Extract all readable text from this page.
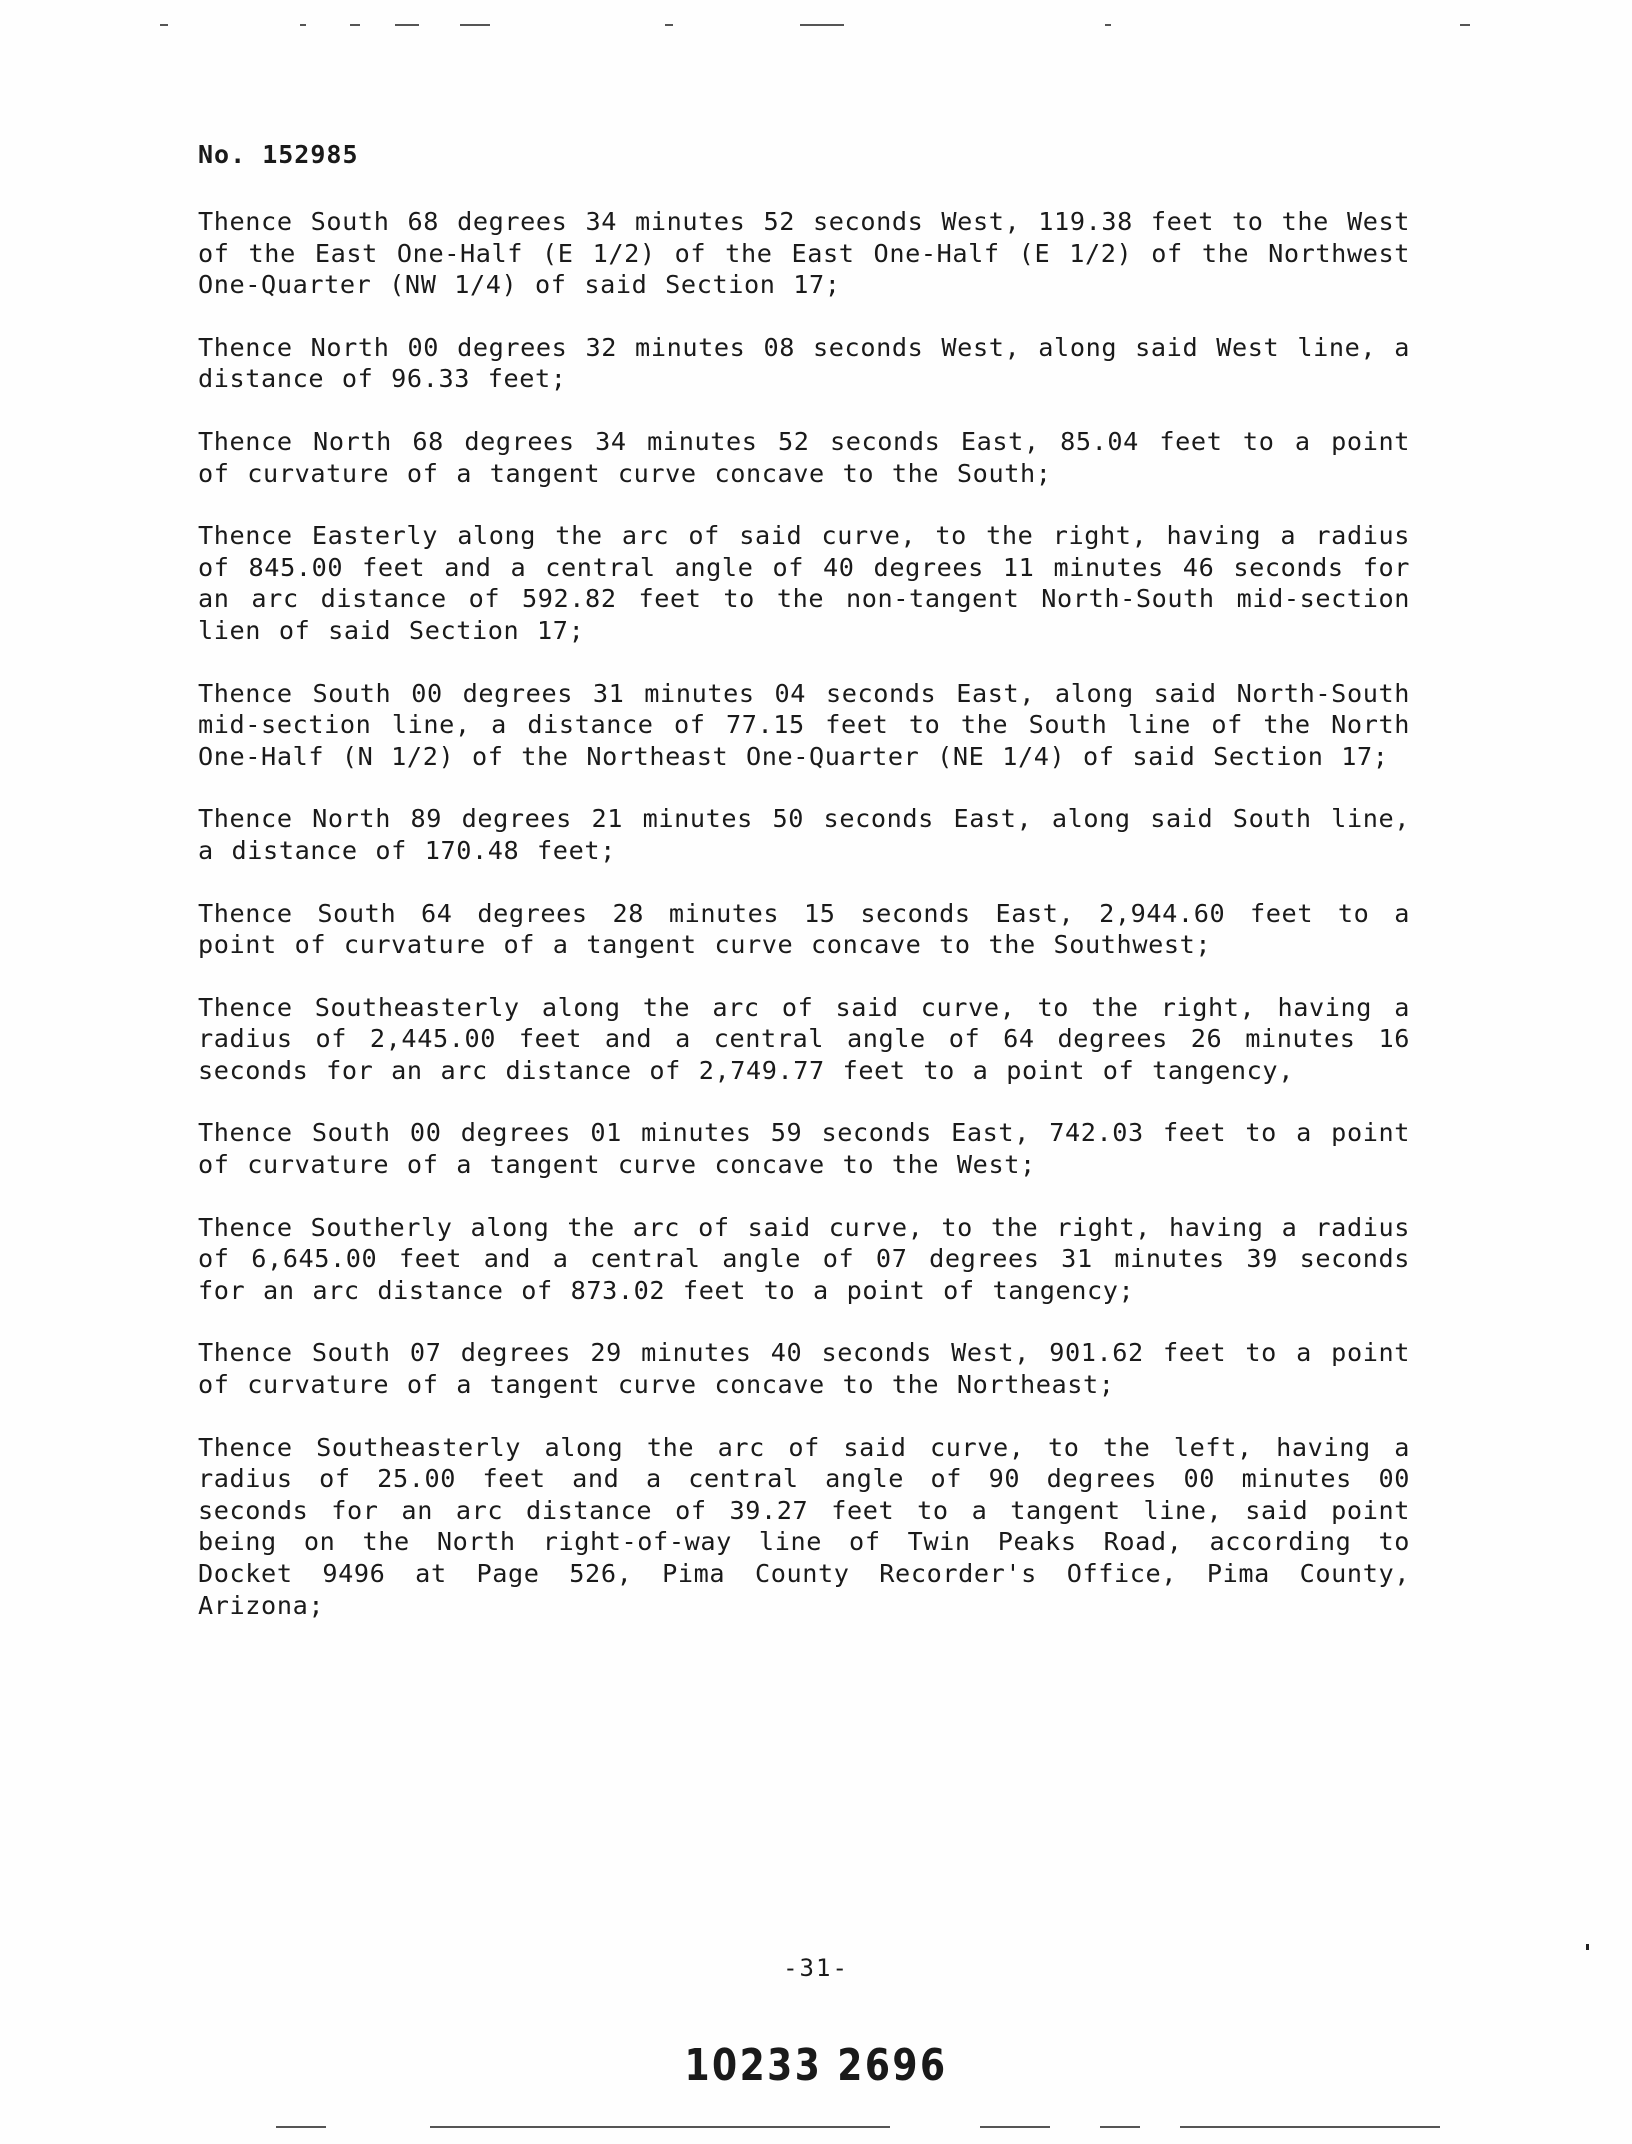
No. 152985

Thence South 68 degrees 34 minutes 52 seconds West, 119.38 feet to the West of the East One-Half (E 1/2) of the East One-Half (E 1/2) of the Northwest One-Quarter (NW 1/4) of said Section 17;

Thence North 00 degrees 32 minutes 08 seconds West, along said West line, a distance of 96.33 feet;

Thence North 68 degrees 34 minutes 52 seconds East, 85.04 feet to a point of curvature of a tangent curve concave to the South;

Thence Easterly along the arc of said curve, to the right, having a radius of 845.00 feet and a central angle of 40 degrees 11 minutes 46 seconds for an arc distance of 592.82 feet to the non-tangent North-South mid-section lien of said Section 17;

Thence South 00 degrees 31 minutes 04 seconds East, along said North-South mid-section line, a distance of 77.15 feet to the South line of the North One-Half (N 1/2) of the Northeast One-Quarter (NE 1/4) of said Section 17;

Thence North 89 degrees 21 minutes 50 seconds East, along said South line, a distance of 170.48 feet;

Thence South 64 degrees 28 minutes 15 seconds East, 2,944.60 feet to a point of curvature of a tangent curve concave to the Southwest;

Thence Southeasterly along the arc of said curve, to the right, having a radius of 2,445.00 feet and a central angle of 64 degrees 26 minutes 16 seconds for an arc distance of 2,749.77 feet to a point of tangency,

Thence South 00 degrees 01 minutes 59 seconds East, 742.03 feet to a point of curvature of a tangent curve concave to the West;

Thence Southerly along the arc of said curve, to the right, having a radius of 6,645.00 feet and a central angle of 07 degrees 31 minutes 39 seconds for an arc distance of 873.02 feet to a point of tangency;

Thence South 07 degrees 29 minutes 40 seconds West, 901.62 feet to a point of curvature of a tangent curve concave to the Northeast;

Thence Southeasterly along the arc of said curve, to the left, having a radius of 25.00 feet and a central angle of 90 degrees 00 minutes 00 seconds for an arc distance of 39.27 feet to a tangent line, said point being on the North right-of-way line of Twin Peaks Road, according to Docket 9496 at Page 526, Pima County Recorder's Office, Pima County, Arizona;

-31-
10233 2696
